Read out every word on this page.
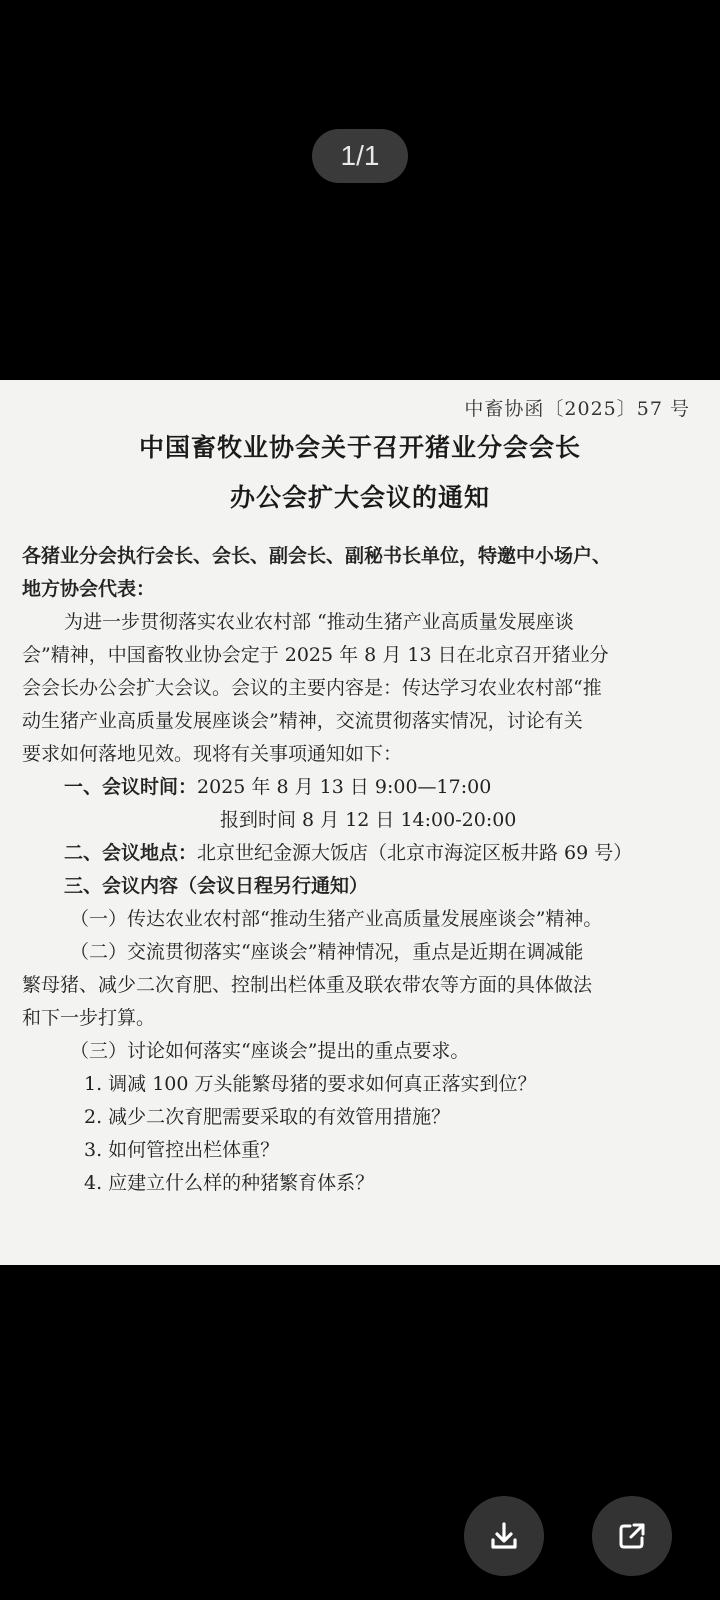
1/1
中畜协函〔2025〕57 号
中国畜牧业协会关于召开猪业分会会长
办公会扩大会议的通知
各猪业分会执行会长、会长、副会长、副秘书长单位，特邀中小场户、
地方协会代表：
为进一步贯彻落实农业农村部 “推动生猪产业高质量发展座谈
会”精神，中国畜牧业协会定于 2025 年 8 月 13 日在北京召开猪业分
会会长办公会扩大会议。会议的主要内容是：传达学习农业农村部“推
动生猪产业高质量发展座谈会”精神，交流贯彻落实情况，讨论有关
要求如何落地见效。现将有关事项通知如下：
一、会议时间：2025 年 8 月 13 日 9:00—17:00
报到时间 8 月 12 日 14:00-20:00
二、会议地点：北京世纪金源大饭店（北京市海淀区板井路 69 号）
三、会议内容（会议日程另行通知）
（一）传达农业农村部“推动生猪产业高质量发展座谈会”精神。
（二）交流贯彻落实“座谈会”精神情况，重点是近期在调减能
繁母猪、减少二次育肥、控制出栏体重及联农带农等方面的具体做法
和下一步打算。
（三）讨论如何落实“座谈会”提出的重点要求。
1. 调减 100 万头能繁母猪的要求如何真正落实到位？
2. 减少二次育肥需要采取的有效管用措施？
3. 如何管控出栏体重？
4. 应建立什么样的种猪繁育体系？
